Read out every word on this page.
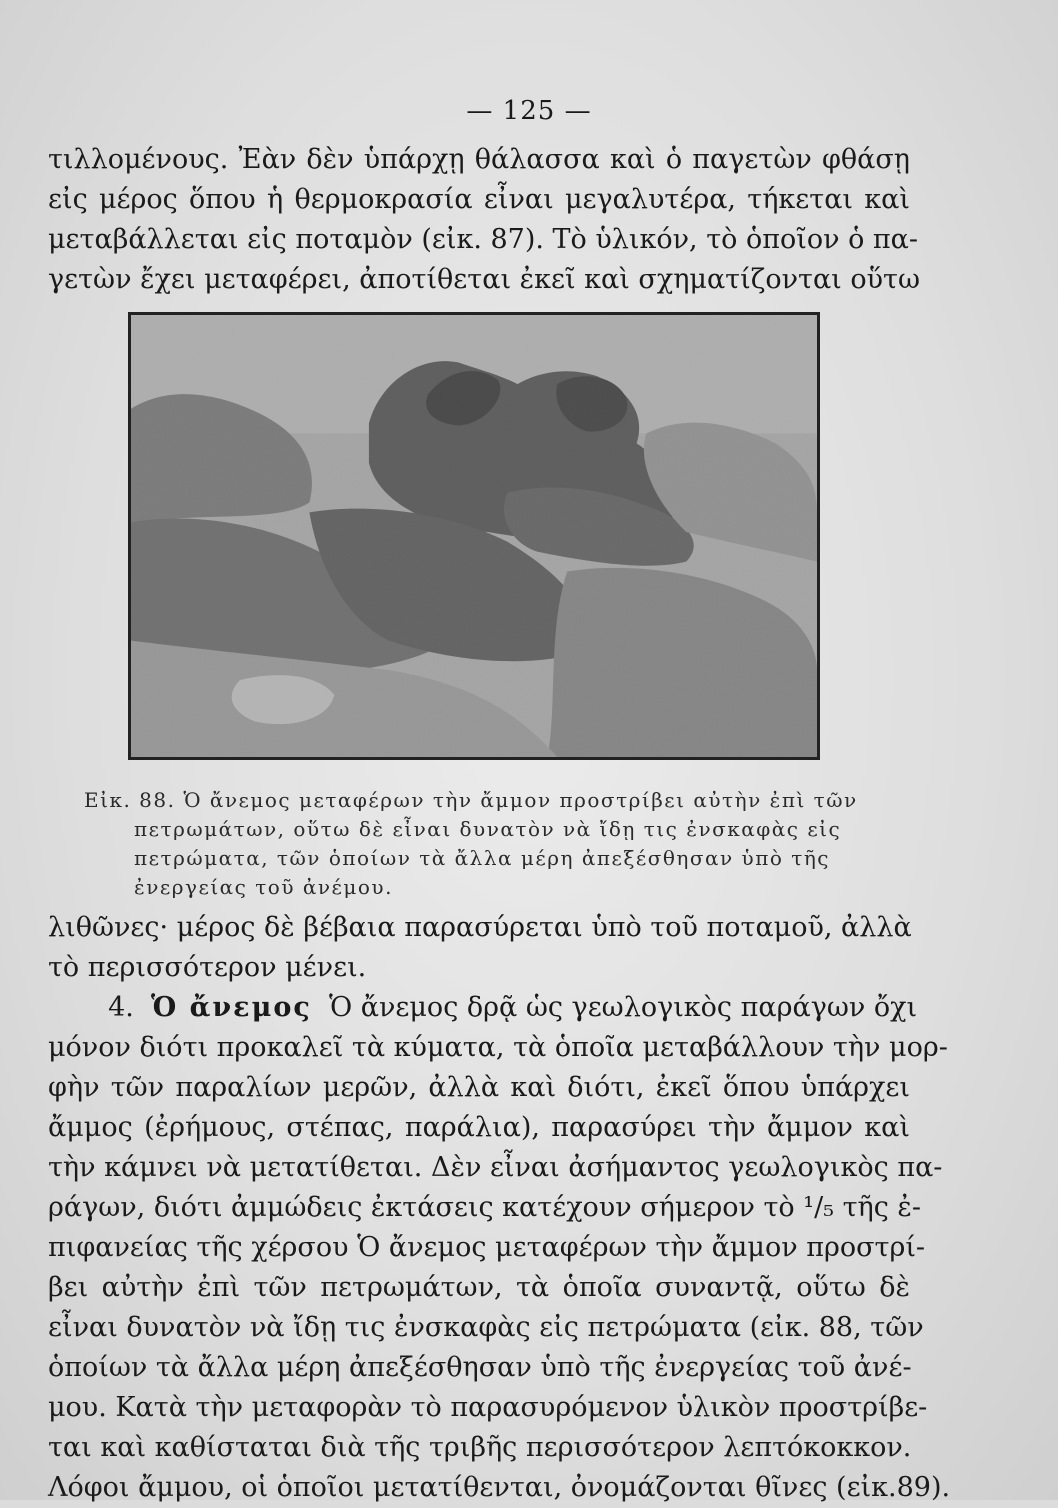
— 125 —
τιλλομένους. Ἐὰν δὲν ὑπάρχῃ θάλασσα καὶ ὁ παγετὼν φθάσῃ
εἰς μέρος ὅπου ἡ θερμοκρασία εἶναι μεγαλυτέρα, τήκεται καὶ
μεταβάλλεται εἰς ποταμὸν (εἰκ. 87). Τὸ ὑλικόν, τὸ ὁποῖον ὁ πα-
γετὼν ἔχει μεταφέρει, ἀποτίθεται ἐκεῖ καὶ σχηματίζονται οὕτω
Εἰκ. 88. Ὁ ἄνεμος μεταφέρων τὴν ἄμμον προστρίβει αὐτὴν ἐπὶ τῶν
πετρωμάτων, οὕτω δὲ εἶναι δυνατὸν νὰ ἴδῃ τις ἐνσκαφὰς εἰς
πετρώματα, τῶν ὁποίων τὰ ἄλλα μέρη ἀπεξέσθησαν ὑπὸ τῆς
ἐνεργείας τοῦ ἀνέμου.
λιθῶνες· μέρος δὲ βέβαια παρασύρεται ὑπὸ τοῦ ποταμοῦ, ἀλλὰ
τὸ περισσότερον μένει.
4. Ὁ ἄνεμος Ὁ ἄνεμος δρᾷ ὡς γεωλογικὸς παράγων ὄχι
μόνον διότι προκαλεῖ τὰ κύματα, τὰ ὁποῖα μεταβάλλουν τὴν μορ-
φὴν τῶν παραλίων μερῶν, ἀλλὰ καὶ διότι, ἐκεῖ ὅπου ὑπάρχει
ἄμμος (ἐρήμους, στέπας, παράλια), παρασύρει τὴν ἄμμον καὶ
τὴν κάμνει νὰ μετατίθεται. Δὲν εἶναι ἀσήμαντος γεωλογικὸς πα-
ράγων, διότι ἀμμώδεις ἐκτάσεις κατέχουν σήμερον τὸ ¹/₅ τῆς ἐ-
πιφανείας τῆς χέρσου Ὁ ἄνεμος μεταφέρων τὴν ἄμμον προστρί-
βει αὐτὴν ἐπὶ τῶν πετρωμάτων, τὰ ὁποῖα συναντᾷ, οὕτω δὲ
εἶναι δυνατὸν νὰ ἴδῃ τις ἐνσκαφὰς εἰς πετρώματα (εἰκ. 88, τῶν
ὁποίων τὰ ἄλλα μέρη ἀπεξέσθησαν ὑπὸ τῆς ἐνεργείας τοῦ ἀνέ-
μου. Κατὰ τὴν μεταφορὰν τὸ παρασυρόμενον ὑλικὸν προστρίβε-
ται καὶ καθίσταται διὰ τῆς τριβῆς περισσότερον λεπτόκοκκον.
Λόφοι ἄμμου, οἱ ὁποῖοι μετατίθενται, ὀνομάζονται θῖνες (εἰκ.89).
